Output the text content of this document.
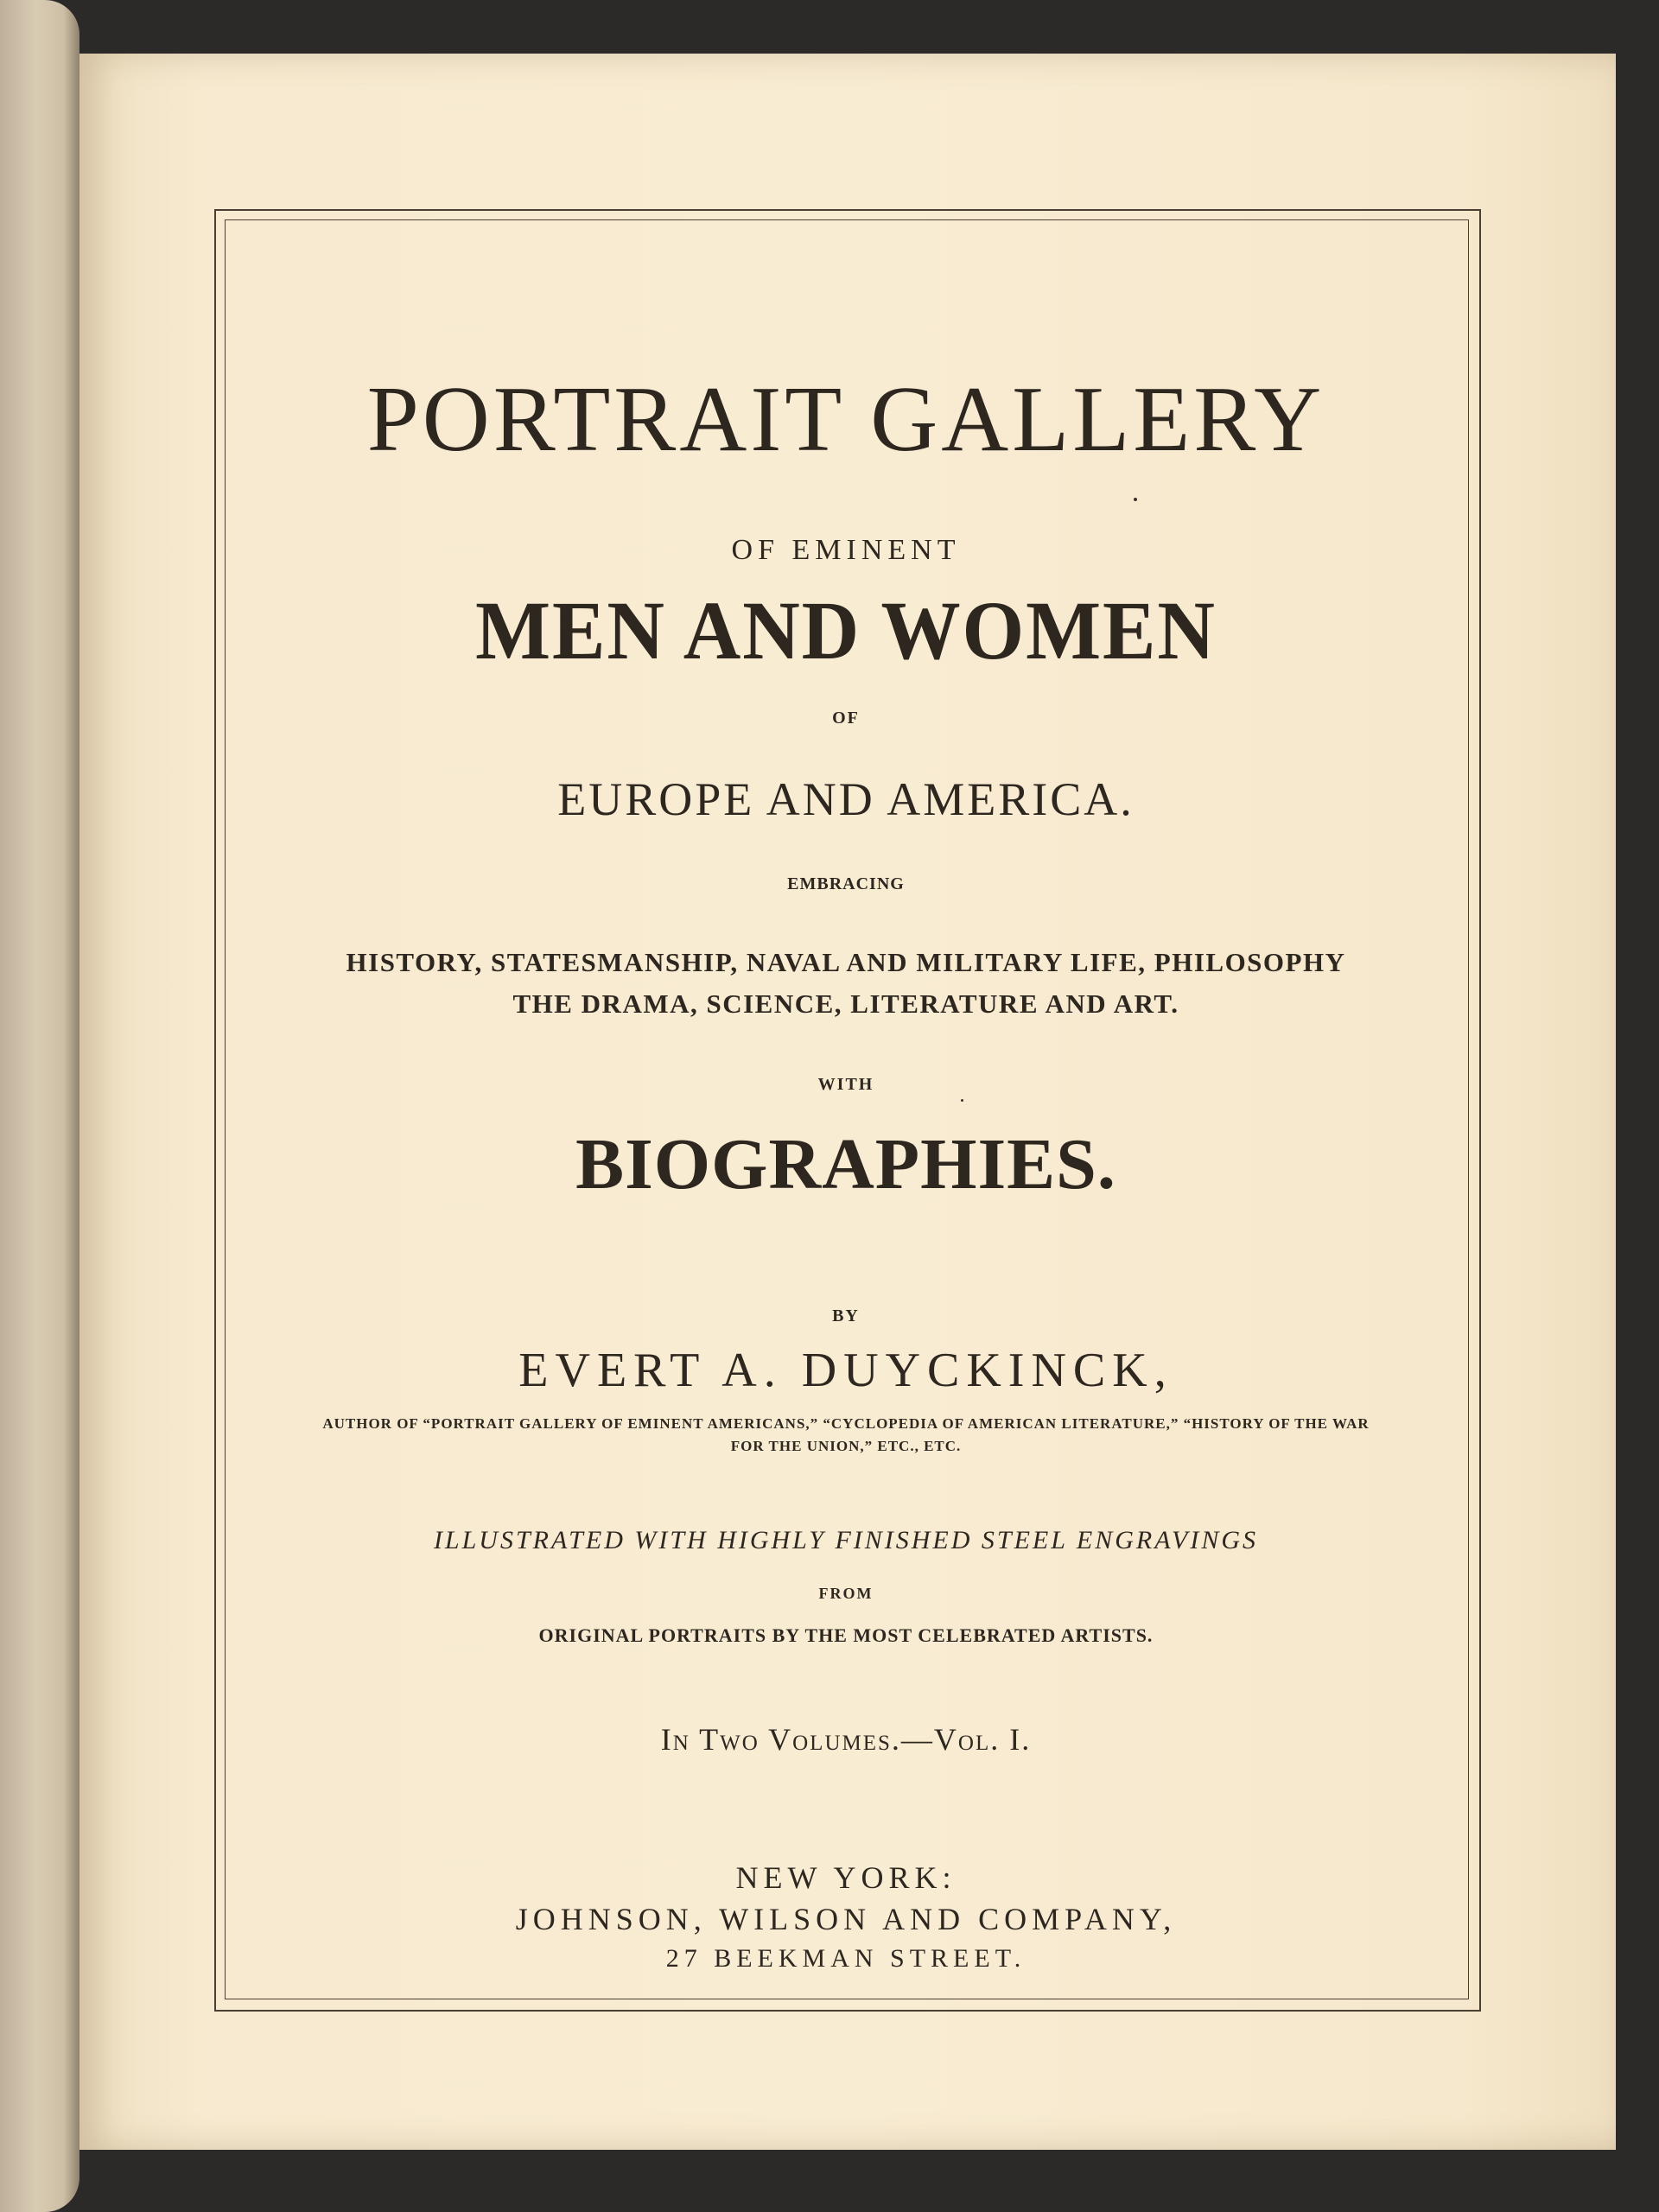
PORTRAIT GALLERY
OF EMINENT
MEN AND WOMEN
OF
EUROPE AND AMERICA.
EMBRACING
HISTORY, STATESMANSHIP, NAVAL AND MILITARY LIFE, PHILOSOPHY
THE DRAMA, SCIENCE, LITERATURE AND ART.
WITH
BIOGRAPHIES.
BY
EVERT A. DUYCKINCK,
AUTHOR OF “PORTRAIT GALLERY OF EMINENT AMERICANS,” “CYCLOPEDIA OF AMERICAN LITERATURE,” “HISTORY OF THE WAR
FOR THE UNION,” ETC., ETC.
ILLUSTRATED WITH HIGHLY FINISHED STEEL ENGRAVINGS
FROM
ORIGINAL PORTRAITS BY THE MOST CELEBRATED ARTISTS.
In Two Volumes.—Vol. I.
NEW YORK:
JOHNSON, WILSON AND COMPANY,
27 BEEKMAN STREET.
